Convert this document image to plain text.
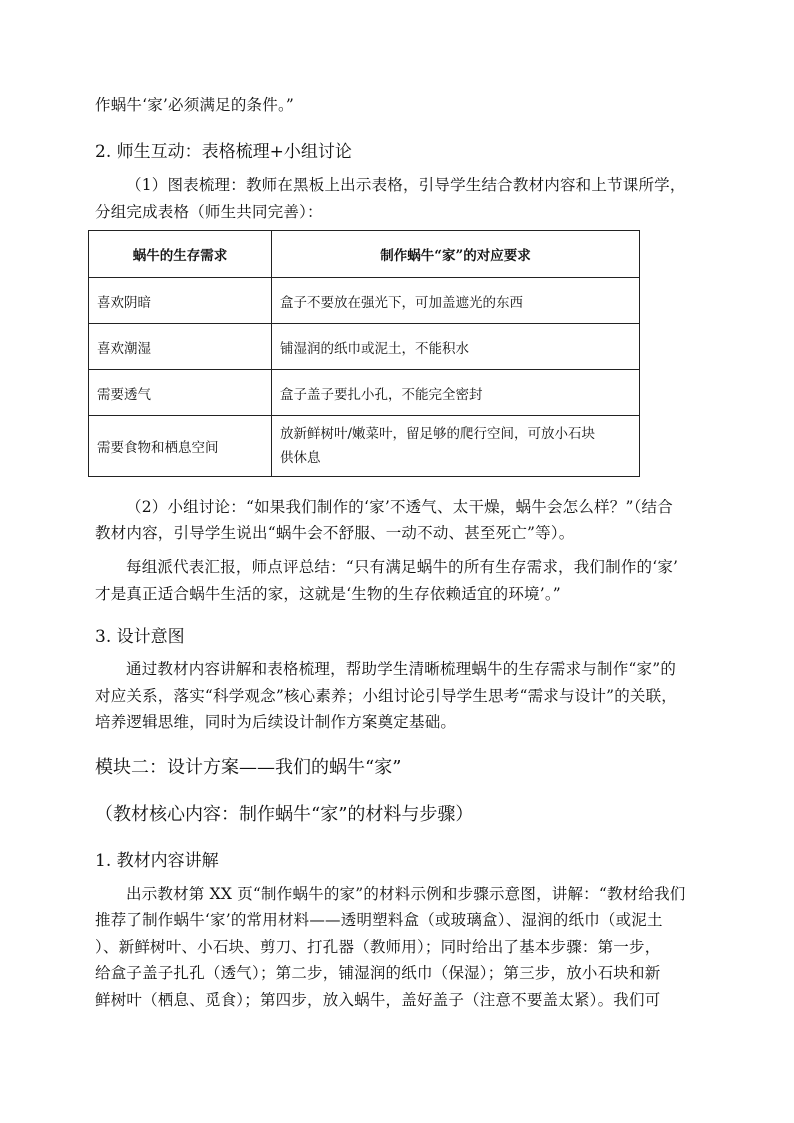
作蜗牛‘家’必须满足的条件。”
2. 师生互动：表格梳理+小组讨论
（1）图表梳理：教师在黑板上出示表格，引导学生结合教材内容和上节课所学，
分组完成表格（师生共同完善）：
蜗牛的生存需求	制作蜗牛“家”的对应要求
喜欢阴暗	盒子不要放在强光下，可加盖遮光的东西
喜欢潮湿	铺湿润的纸巾或泥土，不能积水
需要透气	盒子盖子要扎小孔，不能完全密封
需要食物和栖息空间	放新鲜树叶/嫩菜叶，留足够的爬行空间，可放小石块
供休息
（2）小组讨论：“如果我们制作的‘家’不透气、太干燥，蜗牛会怎么样？”（结合
教材内容，引导学生说出“蜗牛会不舒服、一动不动、甚至死亡”等）。
每组派代表汇报，师点评总结：“只有满足蜗牛的所有生存需求，我们制作的‘家’
才是真正适合蜗牛生活的家，这就是‘生物的生存依赖适宜的环境’。”
3. 设计意图
通过教材内容讲解和表格梳理，帮助学生清晰梳理蜗牛的生存需求与制作“家”的
对应关系，落实“科学观念”核心素养；小组讨论引导学生思考“需求与设计”的关联，
培养逻辑思维，同时为后续设计制作方案奠定基础。
模块二：设计方案——我们的蜗牛“家”
（教材核心内容：制作蜗牛“家”的材料与步骤）
1. 教材内容讲解
出示教材第 XX 页“制作蜗牛的家”的材料示例和步骤示意图，讲解：“教材给我们
推荐了制作蜗牛‘家’的常用材料——透明塑料盒（或玻璃盒）、湿润的纸巾（或泥土
）、新鲜树叶、小石块、剪刀、打孔器（教师用）；同时给出了基本步骤：第一步，
给盒子盖子扎孔（透气）；第二步，铺湿润的纸巾（保湿）；第三步，放小石块和新
鲜树叶（栖息、觅食）；第四步，放入蜗牛，盖好盖子（注意不要盖太紧）。我们可
